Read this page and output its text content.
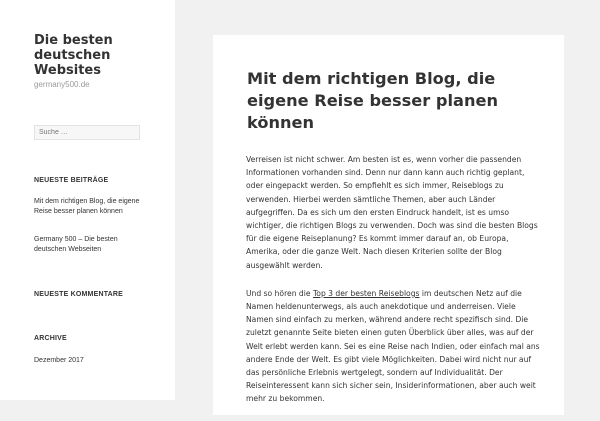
Die besten deutschen Websites
germany500.de
Suche …
NEUESTE BEITRÄGE
Mit dem richtigen Blog, die eigene Reise besser planen können
Germany 500 – Die besten deutschen Webseiten
NEUESTE KOMMENTARE
ARCHIVE
Dezember 2017
Mit dem richtigen Blog, die eigene Reise besser planen können

Verreisen ist nicht schwer. Am besten ist es, wenn vorher die passenden Informationen vorhanden sind. Denn nur dann kann auch richtig geplant, oder eingepackt werden. So empfiehlt es sich immer, Reiseblogs zu verwenden. Hierbei werden sämtliche Themen, aber auch Länder aufgegriffen. Da es sich um den ersten Eindruck handelt, ist es umso wichtiger, die richtigen Blogs zu verwenden. Doch was sind die besten Blogs für die eigene Reiseplanung? Es kommt immer darauf an, ob Europa, Amerika, oder die ganze Welt. Nach diesen Kriterien sollte der Blog ausgewählt werden.

Und so hören die Top 3 der besten Reiseblogs im deutschen Netz auf die Namen heldenunterwegs, als auch anekdotique und anderreisen. Viele Namen sind einfach zu merken, während andere recht spezifisch sind. Die zuletzt genannte Seite bieten einen guten Überblick über alles, was auf der Welt erlebt werden kann. Sei es eine Reise nach Indien, oder einfach mal ans andere Ende der Welt. Es gibt viele Möglichkeiten. Dabei wird nicht nur auf das persönliche Erlebnis wertgelegt, sondern auf Individualität. Der Reiseinteressent kann sich sicher sein, Insiderinformationen, aber auch weit mehr zu bekommen.
